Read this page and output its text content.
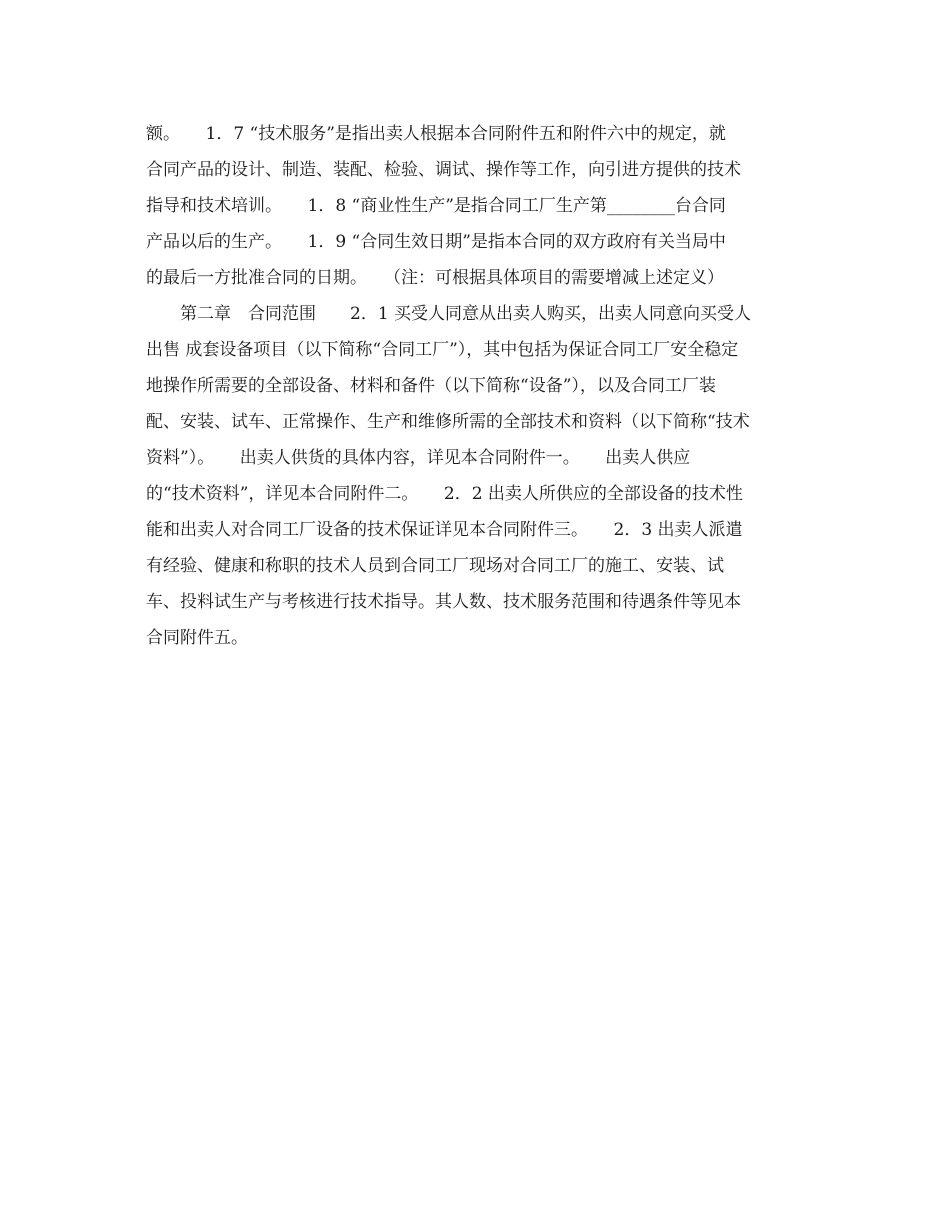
额。　　1．7 “技术服务”是指出卖人根据本合同附件五和附件六中的规定，就
合同产品的设计、制造、装配、检验、调试、操作等工作，向引进方提供的技术
指导和技术培训。　　1．8 “商业性生产”是指合同工厂生产第________台合同
产品以后的生产。　　1．9 “合同生效日期”是指本合同的双方政府有关当局中
的最后一方批准合同的日期。　　（注：可根据具体项目的需要增减上述定义）
　　第二章　合同范围　　2．1 买受人同意从出卖人购买，出卖人同意向买受人
出售 成套设备项目（以下简称“合同工厂”），其中包括为保证合同工厂安全稳定
地操作所需要的全部设备、材料和备件（以下简称“设备”），以及合同工厂装
配、安装、试车、正常操作、生产和维修所需的全部技术和资料（以下简称“技术
资料”）。　　出卖人供货的具体内容，详见本合同附件一。　　出卖人供应
的“技术资料”，详见本合同附件二。　　2．2 出卖人所供应的全部设备的技术性
能和出卖人对合同工厂设备的技术保证详见本合同附件三。　　2．3 出卖人派遣
有经验、健康和称职的技术人员到合同工厂现场对合同工厂的施工、安装、试
车、投料试生产与考核进行技术指导。其人数、技术服务范围和待遇条件等见本
合同附件五。
